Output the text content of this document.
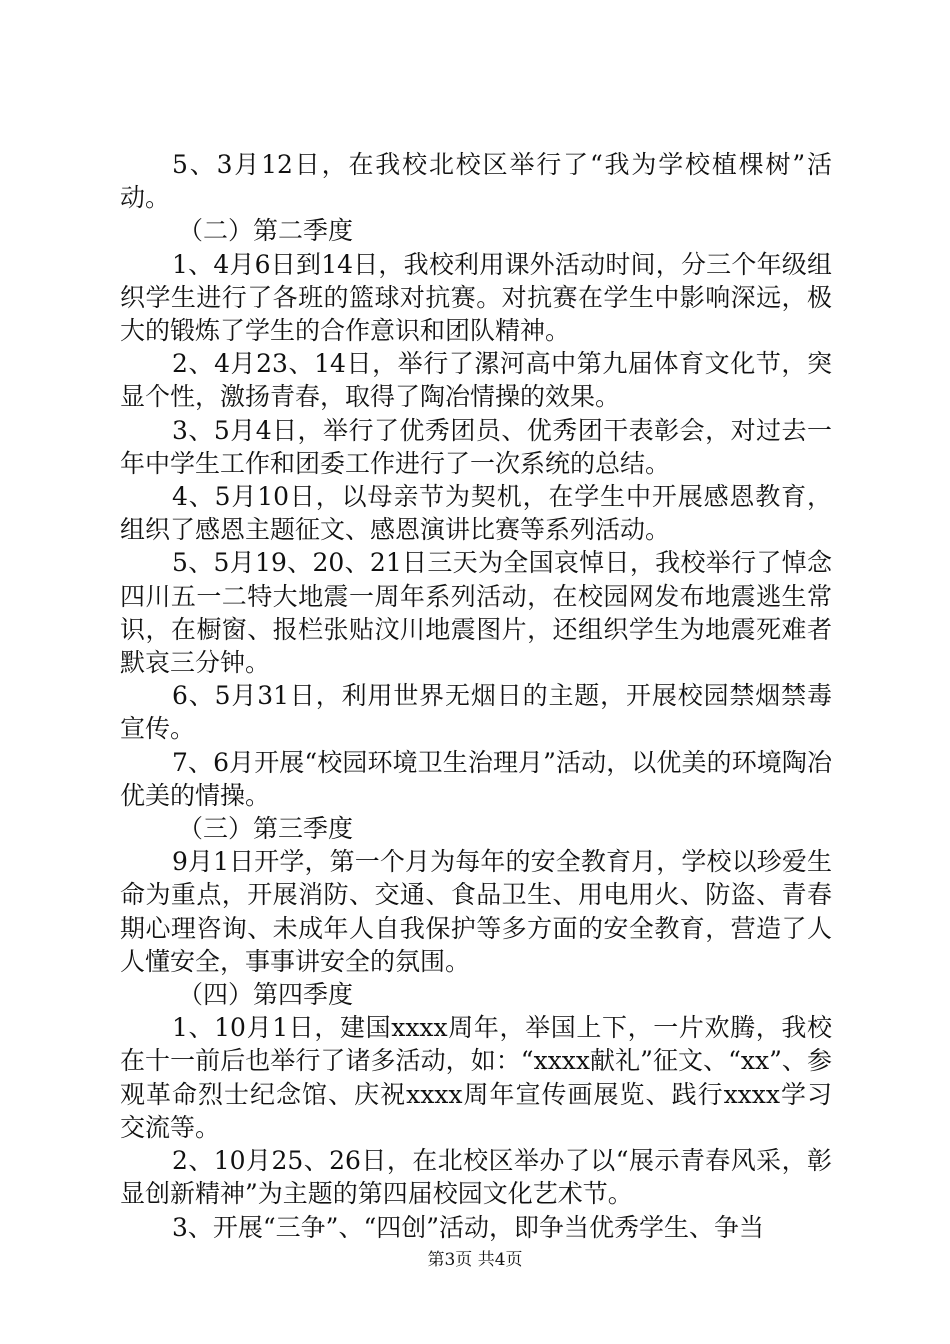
5、3月12日，在我校北校区举行了“我为学校植棵树”活动。

（二）第二季度

1、4月6日到14日，我校利用课外活动时间，分三个年级组织学生进行了各班的篮球对抗赛。对抗赛在学生中影响深远，极大的锻炼了学生的合作意识和团队精神。

2、4月23、14日，举行了漯河高中第九届体育文化节，突显个性，激扬青春，取得了陶冶情操的效果。

3、5月4日，举行了优秀团员、优秀团干表彰会，对过去一年中学生工作和团委工作进行了一次系统的总结。

4、5月10日，以母亲节为契机，在学生中开展感恩教育，组织了感恩主题征文、感恩演讲比赛等系列活动。

5、5月19、20、21日三天为全国哀悼日，我校举行了悼念四川五一二特大地震一周年系列活动，在校园网发布地震逃生常识，在橱窗、报栏张贴汶川地震图片，还组织学生为地震死难者默哀三分钟。

6、5月31日，利用世界无烟日的主题，开展校园禁烟禁毒宣传。

7、6月开展“校园环境卫生治理月”活动，以优美的环境陶冶优美的情操。

（三）第三季度

9月1日开学，第一个月为每年的安全教育月，学校以珍爱生命为重点，开展消防、交通、食品卫生、用电用火、防盗、青春期心理咨询、未成年人自我保护等多方面的安全教育，营造了人人懂安全，事事讲安全的氛围。

（四）第四季度

1、10月1日，建国xxxx周年，举国上下，一片欢腾，我校在十一前后也举行了诸多活动，如：“xxxx献礼”征文、“xx”、参观革命烈士纪念馆、庆祝xxxx周年宣传画展览、践行xxxx学习交流等。

2、10月25、26日，在北校区举办了以“展示青春风采，彰显创新精神”为主题的第四届校园文化艺术节。

3、开展“三争”、“四创”活动，即争当优秀学生、争当

第3页 共4页
